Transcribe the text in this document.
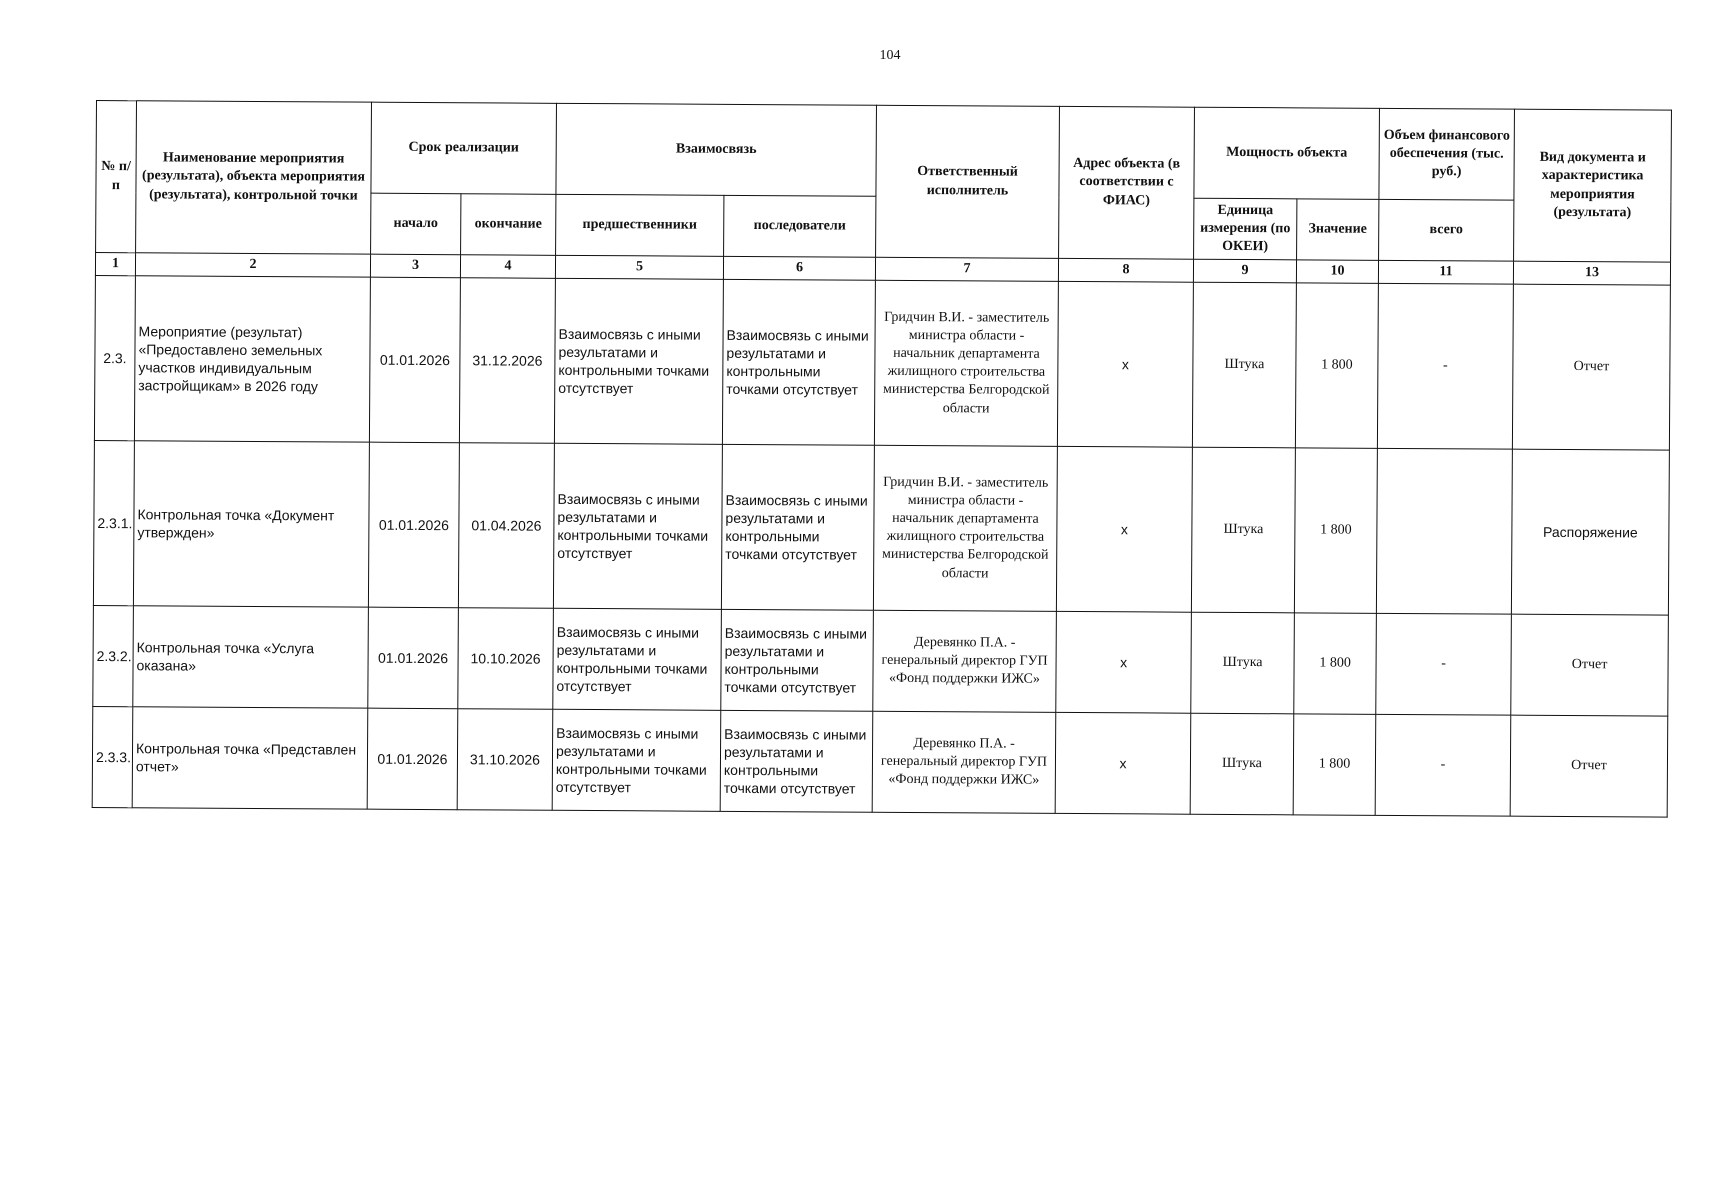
104
№ п/п	Наименование мероприятия (результата), объекта мероприятия (результата), контрольной точки	Срок реализации		Взаимосвязь		Ответственный исполнитель	Адрес объекта (в соответствии с ФИАС)	Мощность объекта		Объем финансового обеспечения (тыс. руб.)	Вид документа и характеристика мероприятия (результата)
		начало	окончание	предшественники	последователи			Единица измерения (по ОКЕИ)	Значение	всего	
1	2	3	4	5	6	7	8	9	10	11	13
2.3.	Мероприятие (результат) «Предоставлено земельных участков индивидуальным застройщикам» в 2026 году	01.01.2026	31.12.2026	Взаимосвязь с иными результатами и контрольными точками отсутствует	Взаимосвязь с иными результатами и контрольными точками отсутствует	Гридчин В.И. - заместитель министра области - начальник департамента жилищного строительства министерства Белгородской области	х	Штука	1 800	-	Отчет
2.3.1.	Контрольная точка «Документ утвержден»	01.01.2026	01.04.2026	Взаимосвязь с иными результатами и контрольными точками отсутствует	Взаимосвязь с иными результатами и контрольными точками отсутствует	Гридчин В.И. - заместитель министра области - начальник департамента жилищного строительства министерства Белгородской области	х	Штука	1 800		Распоряжение
2.3.2.	Контрольная точка «Услуга оказана»	01.01.2026	10.10.2026	Взаимосвязь с иными результатами и контрольными точками отсутствует	Взаимосвязь с иными результатами и контрольными точками отсутствует	Деревянко П.А. - генеральный директор ГУП «Фонд поддержки ИЖС»	х	Штука	1 800	-	Отчет
2.3.3.	Контрольная точка «Представлен отчет»	01.01.2026	31.10.2026	Взаимосвязь с иными результатами и контрольными точками отсутствует	Взаимосвязь с иными результатами и контрольными точками отсутствует	Деревянко П.А. - генеральный директор ГУП «Фонд поддержки ИЖС»	х	Штука	1 800	-	Отчет
